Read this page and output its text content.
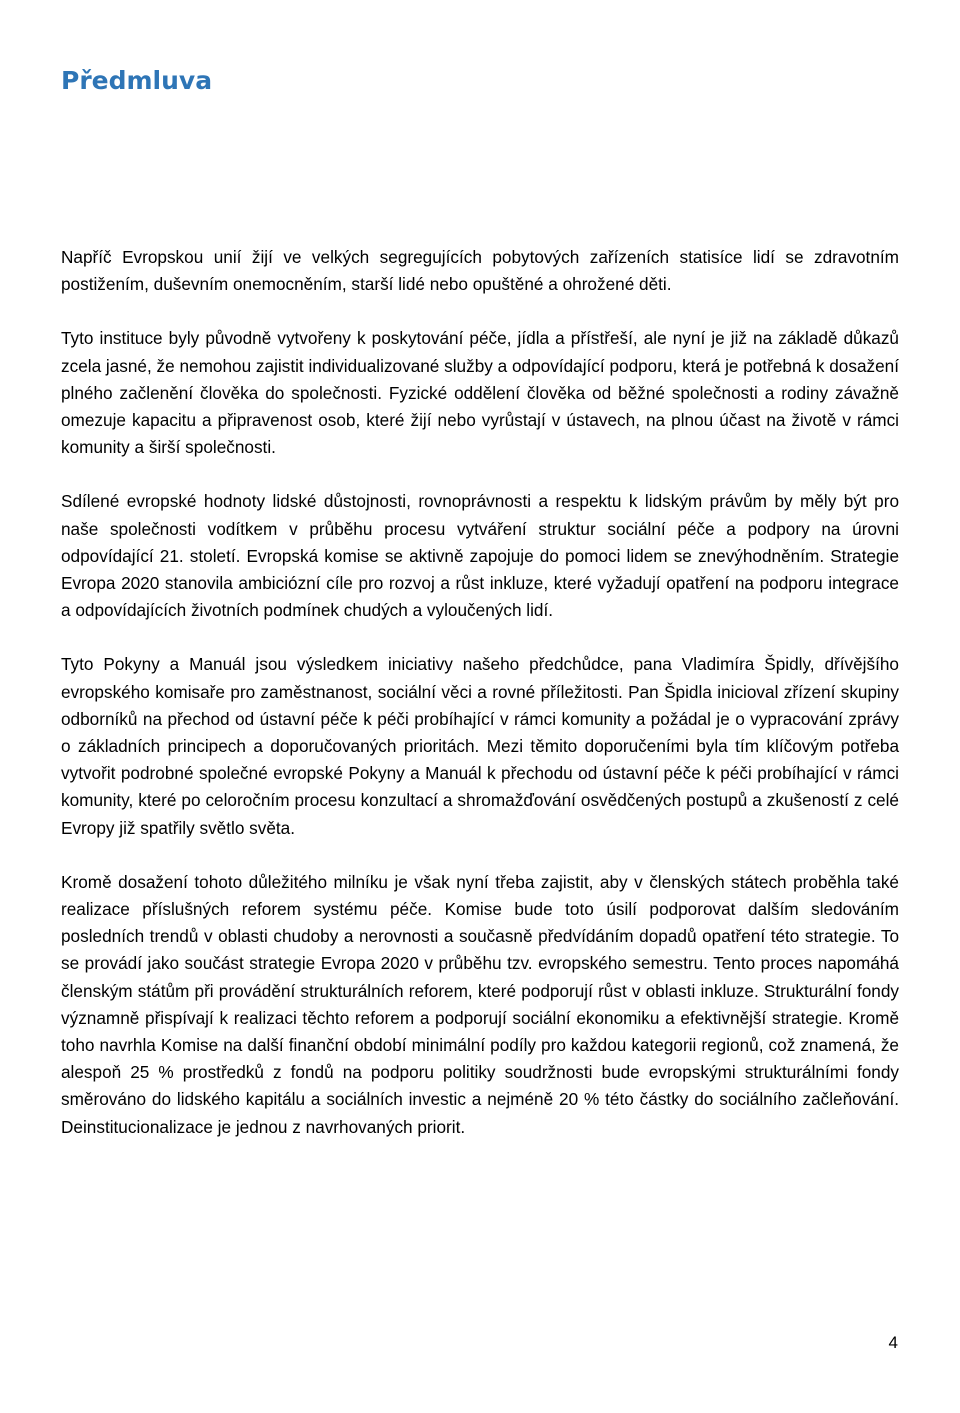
Předmluva

Napříč Evropskou unií žijí ve velkých segregujících pobytových zařízeních statisíce lidí se zdravotním postižením, duševním onemocněním, starší lidé nebo opuštěné a ohrožené děti.

Tyto instituce byly původně vytvořeny k poskytování péče, jídla a přístřeší, ale nyní je již na základě důkazů zcela jasné, že nemohou zajistit individualizované služby a odpovídající podporu, která je potřebná k dosažení plného začlenění člověka do společnosti. Fyzické oddělení člověka od běžné společnosti a rodiny závažně omezuje kapacitu a připravenost osob, které žijí nebo vyrůstají v ústavech, na plnou účast na životě v rámci komunity a širší společnosti.

Sdílené evropské hodnoty lidské důstojnosti, rovnoprávnosti a respektu k lidským právům by měly být pro naše společnosti vodítkem v průběhu procesu vytváření struktur sociální péče a podpory na úrovni odpovídající 21. století. Evropská komise se aktivně zapojuje do pomoci lidem se znevýhodněním. Strategie Evropa 2020 stanovila ambiciózní cíle pro rozvoj a růst inkluze, které vyžadují opatření na podporu integrace a odpovídajících životních podmínek chudých a vyloučených lidí.

Tyto Pokyny a Manuál jsou výsledkem iniciativy našeho předchůdce, pana Vladimíra Špidly, dřívějšího evropského komisaře pro zaměstnanost, sociální věci a rovné příležitosti. Pan Špidla inicioval zřízení skupiny odborníků na přechod od ústavní péče k péči probíhající v rámci komunity a požádal je o vypracování zprávy o základních principech a doporučovaných prioritách. Mezi těmito doporučeními byla tím klíčovým potřeba vytvořit podrobné společné evropské Pokyny a Manuál k přechodu od ústavní péče k péči probíhající v rámci komunity, které po celoročním procesu konzultací a shromažďování osvědčených postupů a zkušeností z celé Evropy již spatřily světlo světa.

Kromě dosažení tohoto důležitého milníku je však nyní třeba zajistit, aby v členských státech proběhla také realizace příslušných reforem systému péče. Komise bude toto úsilí podporovat dalším sledováním posledních trendů v oblasti chudoby a nerovnosti a současně předvídáním dopadů opatření této strategie. To se provádí jako součást strategie Evropa 2020 v průběhu tzv. evropského semestru. Tento proces napomáhá členským státům při provádění strukturálních reforem, které podporují růst v oblasti inkluze. Strukturální fondy významně přispívají k realizaci těchto reforem a podporují sociální ekonomiku a efektivnější strategie. Kromě toho navrhla Komise na další finanční období minimální podíly pro každou kategorii regionů, což znamená, že alespoň 25 % prostředků z fondů na podporu politiky soudržnosti bude evropskými strukturálními fondy směrováno do lidského kapitálu a sociálních investic a nejméně 20 % této částky do sociálního začleňování. Deinstitucionalizace je jednou z navrhovaných priorit.

4
